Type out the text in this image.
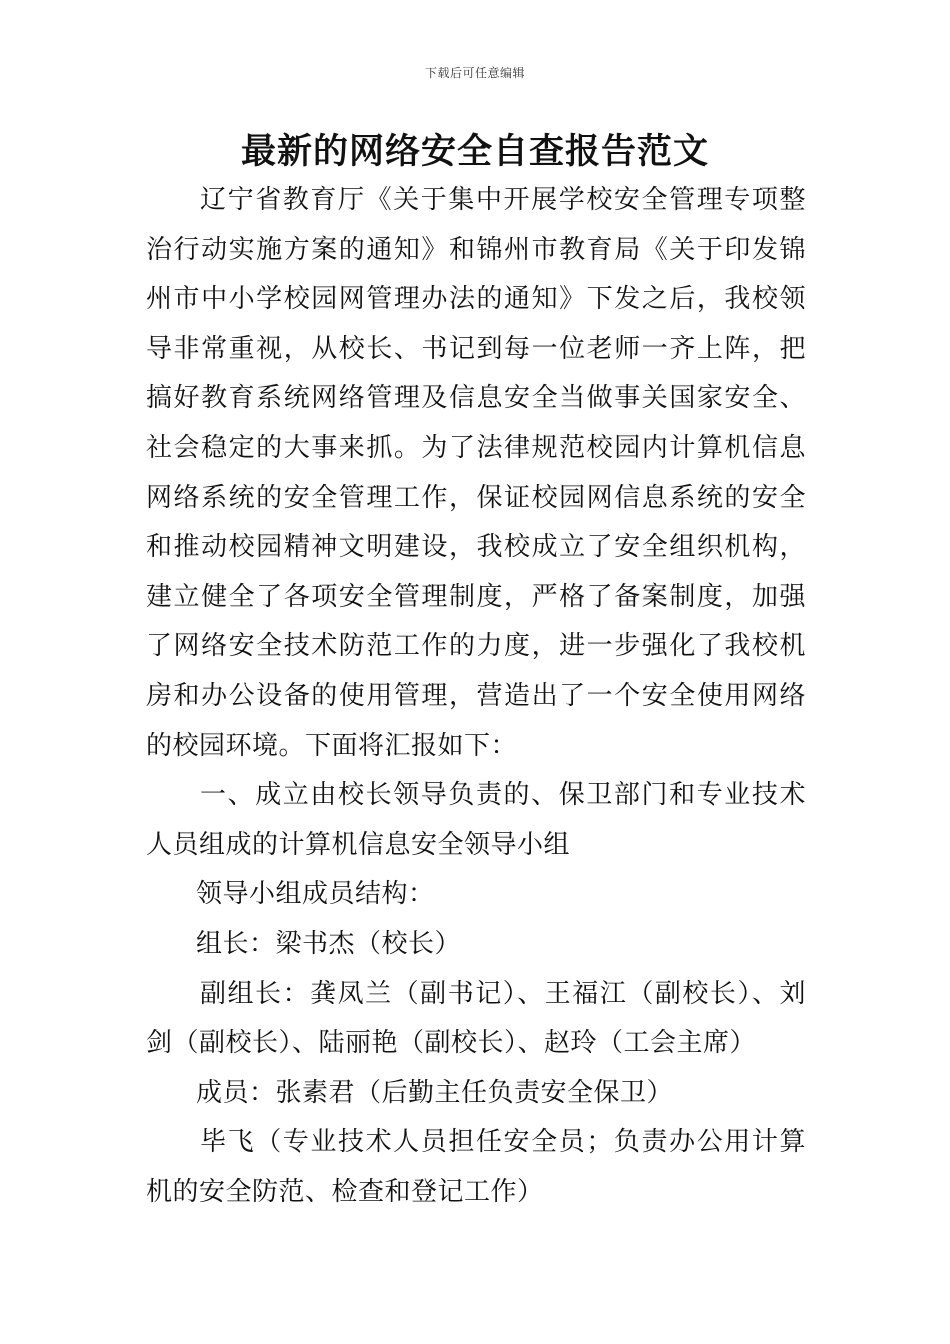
下载后可任意编辑
最新的网络安全自查报告范文

辽宁省教育厅《关于集中开展学校安全管理专项整治行动实施方案的通知》和锦州市教育局《关于印发锦州市中小学校园网管理办法的通知》下发之后，我校领导非常重视，从校长、书记到每一位老师一齐上阵，把搞好教育系统网络管理及信息安全当做事关国家安全、社会稳定的大事来抓。为了法律规范校园内计算机信息网络系统的安全管理工作，保证校园网信息系统的安全和推动校园精神文明建设，我校成立了安全组织机构，建立健全了各项安全管理制度，严格了备案制度，加强了网络安全技术防范工作的力度，进一步强化了我校机房和办公设备的使用管理，营造出了一个安全使用网络的校园环境。下面将汇报如下：

一、成立由校长领导负责的、保卫部门和专业技术人员组成的计算机信息安全领导小组

领导小组成员结构：

组长：梁书杰（校长）

副组长：龚凤兰（副书记）、王福江（副校长）、刘剑（副校长）、陆丽艳（副校长）、赵玲（工会主席）

成员：张素君（后勤主任负责安全保卫）

毕飞（专业技术人员担任安全员；负责办公用计算机的安全防范、检查和登记工作）
